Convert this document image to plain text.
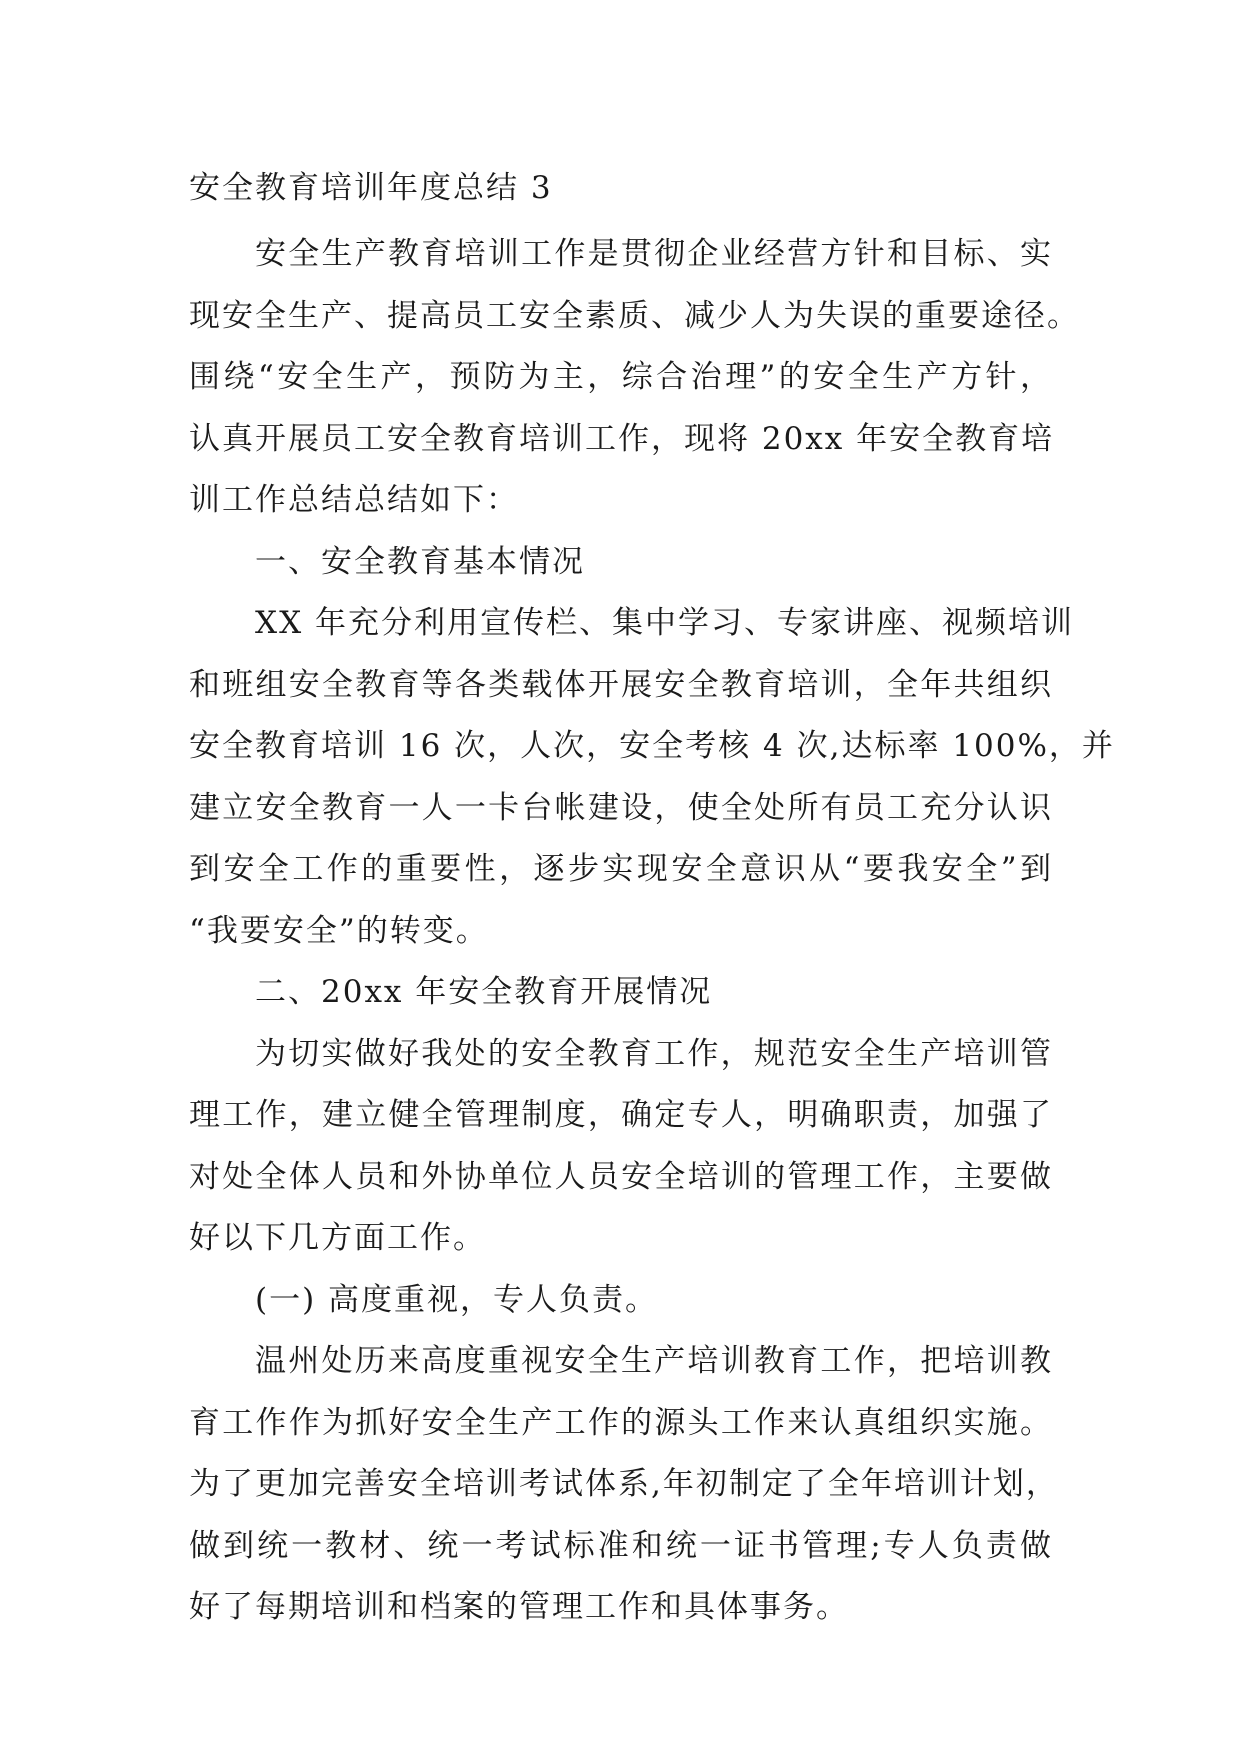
安全教育培训年度总结 3
安全生产教育培训工作是贯彻企业经营方针和目标、实
现安全生产、提高员工安全素质、减少人为失误的重要途径。
围绕“安全生产，预防为主，综合治理”的安全生产方针，
认真开展员工安全教育培训工作，现将 20xx 年安全教育培
训工作总结总结如下：
一、安全教育基本情况
XX 年充分利用宣传栏、集中学习、专家讲座、视频培训
和班组安全教育等各类载体开展安全教育培训，全年共组织
安全教育培训 16 次，人次，安全考核 4 次,达标率 100%，并
建立安全教育一人一卡台帐建设，使全处所有员工充分认识
到安全工作的重要性，逐步实现安全意识从“要我安全”到
“我要安全”的转变。
二、20xx 年安全教育开展情况
为切实做好我处的安全教育工作，规范安全生产培训管
理工作，建立健全管理制度，确定专人，明确职责，加强了
对处全体人员和外协单位人员安全培训的管理工作，主要做
好以下几方面工作。
(一) 高度重视，专人负责。
温州处历来高度重视安全生产培训教育工作，把培训教
育工作作为抓好安全生产工作的源头工作来认真组织实施。
为了更加完善安全培训考试体系,年初制定了全年培训计划，
做到统一教材、统一考试标准和统一证书管理;专人负责做
好了每期培训和档案的管理工作和具体事务。
